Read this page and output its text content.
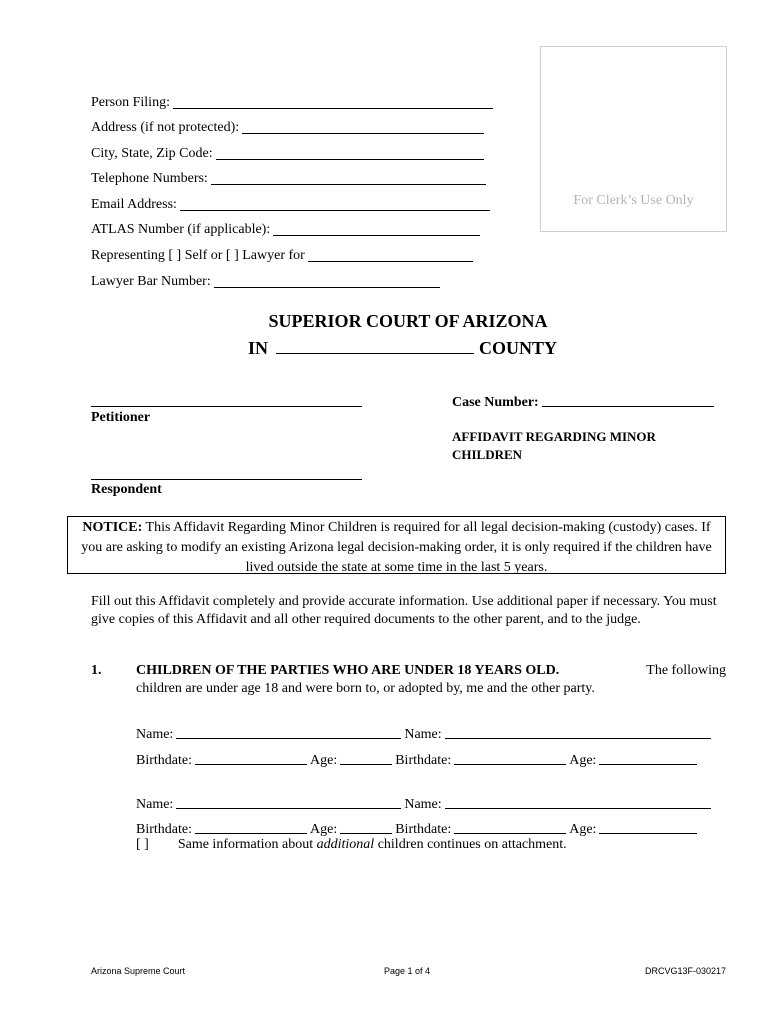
For Clerk’s Use Only
Person Filing:
Address (if not protected):
City, State, Zip Code:
Telephone Numbers:
Email Address:
ATLAS Number (if applicable):
Representing [ ] Self or [ ] Lawyer for
Lawyer Bar Number:
SUPERIOR COURT OF ARIZONA
IN	COUNTY
Petitioner
Respondent
Case Number:
AFFIDAVIT REGARDING MINOR
CHILDREN
NOTICE: This Affidavit Regarding Minor Children is required for all legal decision-making (custody) cases. If you are asking to modify an existing Arizona legal decision-making order, it is only required if the children have lived outside the state at some time in the last 5 years.
Fill out this Affidavit completely and provide accurate information. Use additional paper if necessary. You must give copies of this Affidavit and all other required documents to the other parent, and to the judge.
1. CHILDREN OF THE PARTIES WHO ARE UNDER 18 YEARS OLD.	The following
children are under age 18 and were born to, or adopted by, me and the other party.
Name:	Name:
Birthdate:	Age:	Birthdate:	Age:
Name:	Name:
Birthdate:	Age:	Birthdate:	Age:
[ ] Same information about additional children continues on attachment.
Arizona Supreme Court	Page 1 of 4	DRCVG13F-030217
